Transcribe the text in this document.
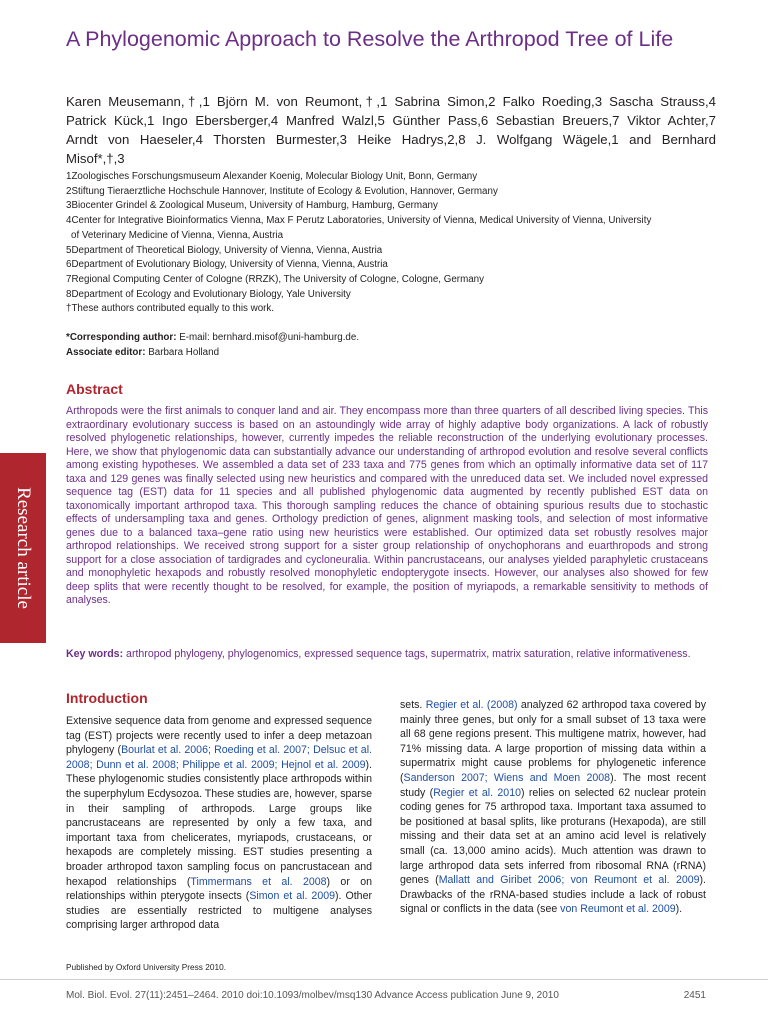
A Phylogenomic Approach to Resolve the Arthropod Tree of Life
Karen Meusemann,†,1 Björn M. von Reumont,†,1 Sabrina Simon,2 Falko Roeding,3 Sascha Strauss,4
Patrick Kück,1 Ingo Ebersberger,4 Manfred Walzl,5 Günther Pass,6 Sebastian Breuers,7 Viktor Achter,7
Arndt von Haeseler,4 Thorsten Burmester,3 Heike Hadrys,2,8 J. Wolfgang Wägele,1 and Bernhard
Misof*,†,3

1Zoologisches Forschungsmuseum Alexander Koenig, Molecular Biology Unit, Bonn, Germany

2Stiftung Tieraerztliche Hochschule Hannover, Institute of Ecology & Evolution, Hannover, Germany

3Biocenter Grindel & Zoological Museum, University of Hamburg, Hamburg, Germany

4Center for Integrative Bioinformatics Vienna, Max F Perutz Laboratories, University of Vienna, Medical University of Vienna, University

of Veterinary Medicine of Vienna, Vienna, Austria

5Department of Theoretical Biology, University of Vienna, Vienna, Austria

6Department of Evolutionary Biology, University of Vienna, Vienna, Austria

7Regional Computing Center of Cologne (RRZK), The University of Cologne, Cologne, Germany

8Department of Ecology and Evolutionary Biology, Yale University

†These authors contributed equally to this work.

*Corresponding author: E-mail: bernhard.misof@uni-hamburg.de.

Associate editor: Barbara Holland

Abstract

Arthropods were the first animals to conquer land and air. They encompass more than three quarters of all described living species. This extraordinary evolutionary success is based on an astoundingly wide array of highly adaptive body organizations. A lack of robustly resolved phylogenetic relationships, however, currently impedes the reliable reconstruction of the underlying evolutionary processes. Here, we show that phylogenomic data can substantially advance our understanding of arthropod evolution and resolve several conflicts among existing hypotheses. We assembled a data set of 233 taxa and 775 genes from which an optimally informative data set of 117 taxa and 129 genes was finally selected using new heuristics and compared with the unreduced data set. We included novel expressed sequence tag (EST) data for 11 species and all published phylogenomic data augmented by recently published EST data on taxonomically important arthropod taxa. This thorough sampling reduces the chance of obtaining spurious results due to stochastic effects of undersampling taxa and genes. Orthology prediction of genes, alignment masking tools, and selection of most informative genes due to a balanced taxa–gene ratio using new heuristics were established. Our optimized data set robustly resolves major arthropod relationships. We received strong support for a sister group relationship of onychophorans and euarthropods and strong support for a close association of tardigrades and cycloneuralia. Within pancrustaceans, our analyses yielded paraphyletic crustaceans and monophyletic hexapods and robustly resolved monophyletic endopterygote insects. However, our analyses also showed for few deep splits that were recently thought to be resolved, for example, the position of myriapods, a remarkable sensitivity to methods of analyses.

Key words: arthropod phylogeny, phylogenomics, expressed sequence tags, supermatrix, matrix saturation, relative informativeness.
Introduction

Extensive sequence data from genome and expressed sequence tag (EST) projects were recently used to infer a deep metazoan phylogeny (Bourlat et al. 2006; Roeding et al. 2007; Delsuc et al. 2008; Dunn et al. 2008; Philippe et al. 2009; Hejnol et al. 2009). These phylogenomic studies consistently place arthropods within the superphylum Ecdysozoa. These studies are, however, sparse in their sampling of arthropods. Large groups like pancrustaceans are represented by only a few taxa, and important taxa from chelicerates, myriapods, crustaceans, or hexapods are completely missing. EST studies presenting a broader arthropod taxon sampling focus on pancrustacean and hexapod relationships (Timmermans et al. 2008) or on relationships within pterygote insects (Simon et al. 2009). Other studies are essentially restricted to multigene analyses comprising larger arthropod data

sets. Regier et al. (2008) analyzed 62 arthropod taxa covered by mainly three genes, but only for a small subset of 13 taxa were all 68 gene regions present. This multigene matrix, however, had 71% missing data. A large proportion of missing data within a supermatrix might cause problems for phylogenetic inference (Sanderson 2007; Wiens and Moen 2008). The most recent study (Regier et al. 2010) relies on selected 62 nuclear protein coding genes for 75 arthropod taxa. Important taxa assumed to be positioned at basal splits, like proturans (Hexapoda), are still missing and their data set at an amino acid level is relatively small (ca. 13,000 amino acids). Much attention was drawn to large arthropod data sets inferred from ribosomal RNA (rRNA) genes (Mallatt and Giribet 2006; von Reumont et al. 2009). Drawbacks of the rRNA-based studies include a lack of robust signal or conflicts in the data (see von Reumont et al. 2009).

Research article
Published by Oxford University Press 2010.
Mol. Biol. Evol. 27(11):2451–2464. 2010 doi:10.1093/molbev/msq130 Advance Access publication June 9, 2010	2451
